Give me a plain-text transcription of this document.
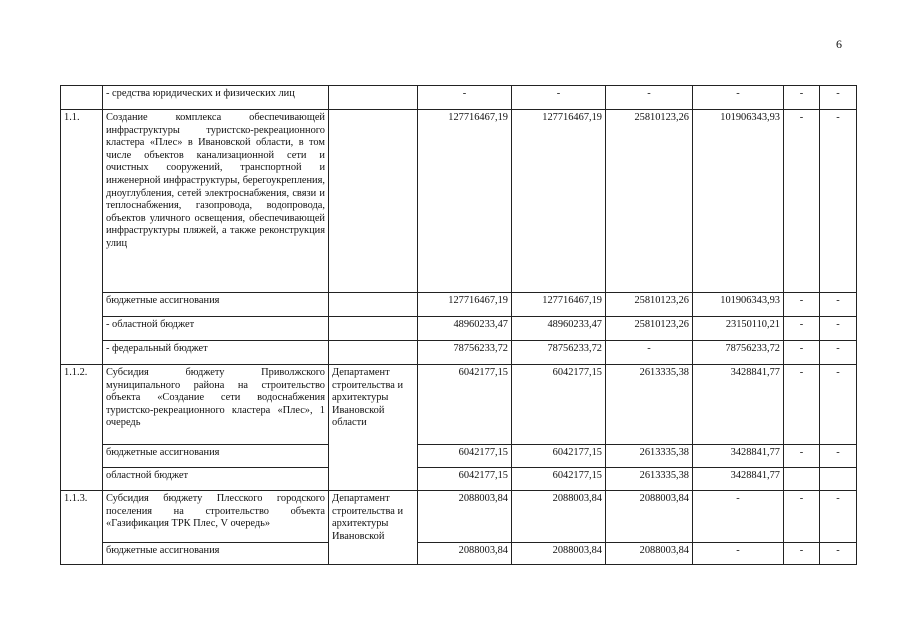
6
	- средства юридических и физических лиц		-	-	-	-	-	-
1.1.	Создание комплекса обеспечивающей инфраструктуры туристско-рекреационного кластера «Плес» в Ивановской области, в том числе объектов канализационной сети и очистных сооружений, транспортной и инженерной инфраструктуры, берегоукрепления, дноуглубления, сетей электроснабжения, связи и теплоснабжения, газопровода, водопровода, объектов уличного освещения, обеспечивающей инфраструктуры пляжей, а также реконструкция улиц		127716467,19	127716467,19	25810123,26	101906343,93	-	-
	бюджетные ассигнования		127716467,19	127716467,19	25810123,26	101906343,93	-	-
	- областной бюджет		48960233,47	48960233,47	25810123,26	23150110,21	-	-
	- федеральный бюджет		78756233,72	78756233,72	-	78756233,72	-	-
1.1.2.	Субсидия бюджету Приволжского муниципального района на строительство объекта «Создание сети водоснабжения туристско-рекреационного кластера «Плес», 1 очередь	Департамент строительства и архитектуры Ивановской области	6042177,15	6042177,15	2613335,38	3428841,77	-	-
	бюджетные ассигнования		6042177,15	6042177,15	2613335,38	3428841,77	-	-
	областной бюджет		6042177,15	6042177,15	2613335,38	3428841,77		
1.1.3.	Субсидия бюджету Плесского городского поселения на строительство объекта «Газификация ТРК Плес, V очередь»	Департамент строительства и архитектуры Ивановской	2088003,84	2088003,84	2088003,84	-	-	-
	бюджетные ассигнования		2088003,84	2088003,84	2088003,84	-	-	-
